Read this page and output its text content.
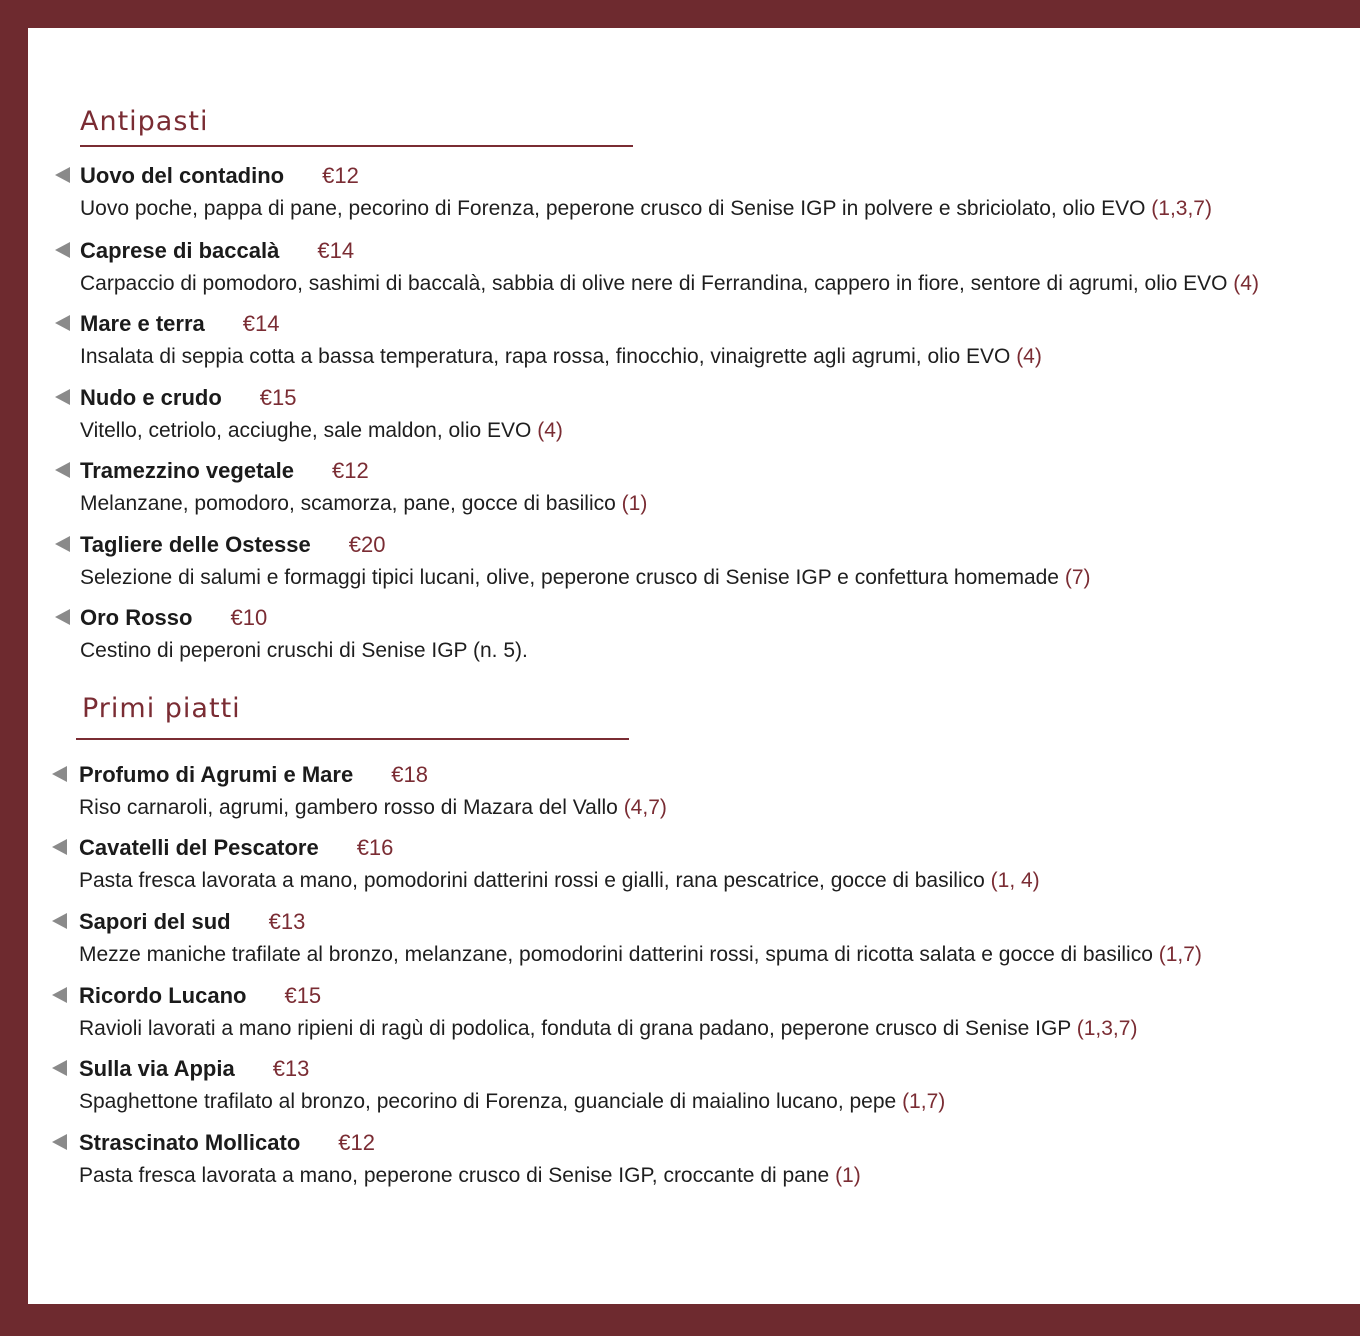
Antipasti
Uovo del contadino €12
Uovo poche, pappa di pane, pecorino di Forenza, peperone crusco di Senise IGP in polvere e sbriciolato, olio EVO (1,3,7)
Caprese di baccalà €14
Carpaccio di pomodoro, sashimi di baccalà, sabbia di olive nere di Ferrandina, cappero in fiore, sentore di agrumi, olio EVO (4)
Mare e terra €14
Insalata di seppia cotta a bassa temperatura, rapa rossa, finocchio, vinaigrette agli agrumi, olio EVO (4)
Nudo e crudo €15
Vitello, cetriolo, acciughe, sale maldon, olio EVO (4)
Tramezzino vegetale €12
Melanzane, pomodoro, scamorza, pane, gocce di basilico (1)
Tagliere delle Ostesse €20
Selezione di salumi e formaggi tipici lucani, olive, peperone crusco di Senise IGP e confettura homemade (7)
Oro Rosso €10
Cestino di peperoni cruschi di Senise IGP (n. 5).
Primi piatti
Profumo di Agrumi e Mare €18
Riso carnaroli, agrumi, gambero rosso di Mazara del Vallo (4,7)
Cavatelli del Pescatore €16
Pasta fresca lavorata a mano, pomodorini datterini rossi e gialli, rana pescatrice, gocce di basilico (1, 4)
Sapori del sud €13
Mezze maniche trafilate al bronzo, melanzane, pomodorini datterini rossi, spuma di ricotta salata e gocce di basilico (1,7)
Ricordo Lucano €15
Ravioli lavorati a mano ripieni di ragù di podolica, fonduta di grana padano, peperone crusco di Senise IGP (1,3,7)
Sulla via Appia €13
Spaghettone trafilato al bronzo, pecorino di Forenza, guanciale di maialino lucano, pepe (1,7)
Strascinato Mollicato €12
Pasta fresca lavorata a mano, peperone crusco di Senise IGP, croccante di pane (1)
